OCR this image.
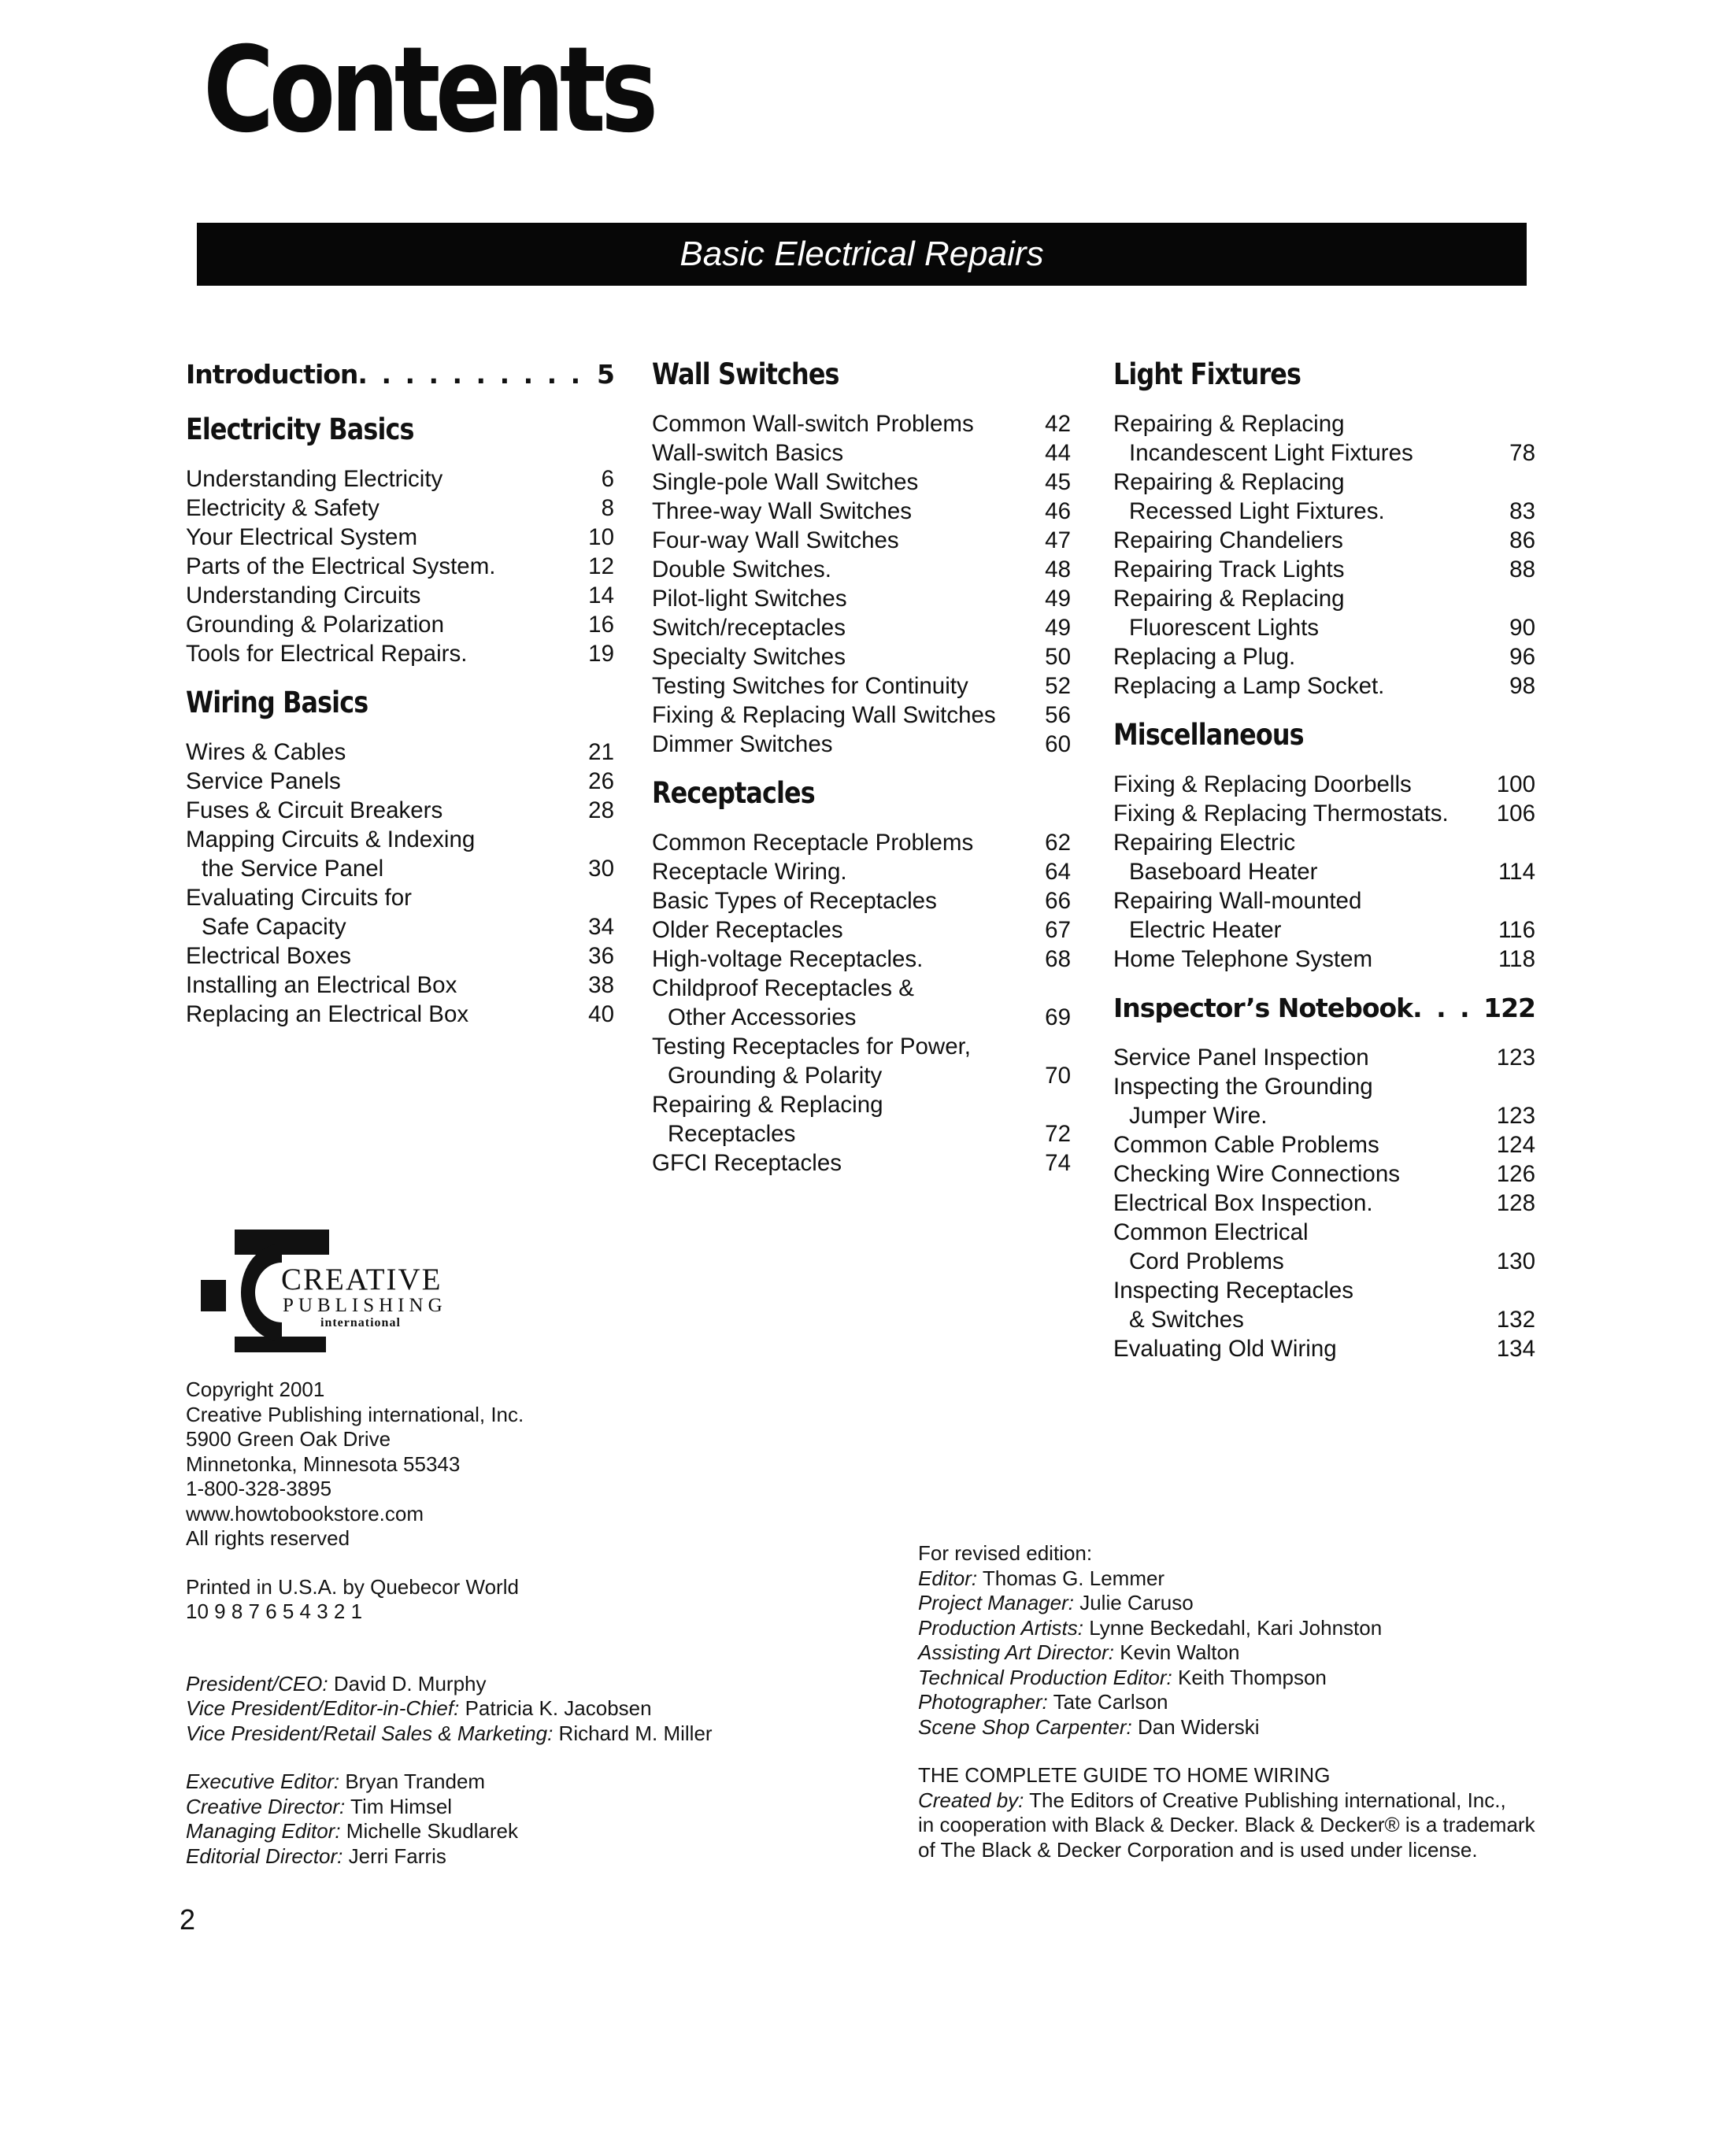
Contents
Basic Electrical Repairs
Introduction . . .	5
Electricity Basics
Understanding Electricity	6
Electricity & Safety	8
Your Electrical System	10
Parts of the Electrical System.	12
Understanding Circuits	14
Grounding & Polarization	16
Tools for Electrical Repairs.	19
Wiring Basics
Wires & Cables	21
Service Panels	26
Fuses & Circuit Breakers	28
Mapping Circuits & Indexing
the Service Panel	30
Evaluating Circuits for
Safe Capacity	34
Electrical Boxes	36
Installing an Electrical Box	38
Replacing an Electrical Box	40
Wall Switches
Common Wall-switch Problems	42
Wall-switch Basics	44
Single-pole Wall Switches	45
Three-way Wall Switches	46
Four-way Wall Switches	47
Double Switches.	48
Pilot-light Switches	49
Switch/receptacles	49
Specialty Switches	50
Testing Switches for Continuity	52
Fixing & Replacing Wall Switches	56
Dimmer Switches	60
Receptacles
Common Receptacle Problems	62
Receptacle Wiring.	64
Basic Types of Receptacles	66
Older Receptacles	67
High-voltage Receptacles.	68
Childproof Receptacles &
Other Accessories	69
Testing Receptacles for Power,
Grounding & Polarity	70
Repairing & Replacing
Receptacles	72
GFCI Receptacles	74
Light Fixtures
Repairing & Replacing
Incandescent Light Fixtures	78
Repairing & Replacing
Recessed Light Fixtures.	83
Repairing Chandeliers	86
Repairing Track Lights	88
Repairing & Replacing
Fluorescent Lights	90
Replacing a Plug.	96
Replacing a Lamp Socket.	98
Miscellaneous
Fixing & Replacing Doorbells	100
Fixing & Replacing Thermostats.	106
Repairing Electric
Baseboard Heater	114
Repairing Wall-mounted
Electric Heater	116
Home Telephone System	118
Inspector’s Notebook . . .	122
Service Panel Inspection	123
Inspecting the Grounding
Jumper Wire.	123
Common Cable Problems	124
Checking Wire Connections	126
Electrical Box Inspection.	128
Common Electrical
Cord Problems	130
Inspecting Receptacles
& Switches	132
Evaluating Old Wiring	134
CREATIVE
PUBLISHING
international
Copyright 2001
Creative Publishing international, Inc.
5900 Green Oak Drive
Minnetonka, Minnesota 55343
1-800-328-3895
www.howtobookstore.com
All rights reserved
Printed in U.S.A. by Quebecor World
10 9 8 7 6 5 4 3 2 1
President/CEO: David D. Murphy
Vice President/Editor-in-Chief: Patricia K. Jacobsen
Vice President/Retail Sales & Marketing: Richard M. Miller
Executive Editor: Bryan Trandem
Creative Director: Tim Himsel
Managing Editor: Michelle Skudlarek
Editorial Director: Jerri Farris
For revised edition:
Editor: Thomas G. Lemmer
Project Manager: Julie Caruso
Production Artists: Lynne Beckedahl, Kari Johnston
Assisting Art Director: Kevin Walton
Technical Production Editor: Keith Thompson
Photographer: Tate Carlson
Scene Shop Carpenter: Dan Widerski
THE COMPLETE GUIDE TO HOME WIRING
Created by: The Editors of Creative Publishing international, Inc.,
in cooperation with Black & Decker. Black & Decker® is a trademark
of The Black & Decker Corporation and is used under license.
2
